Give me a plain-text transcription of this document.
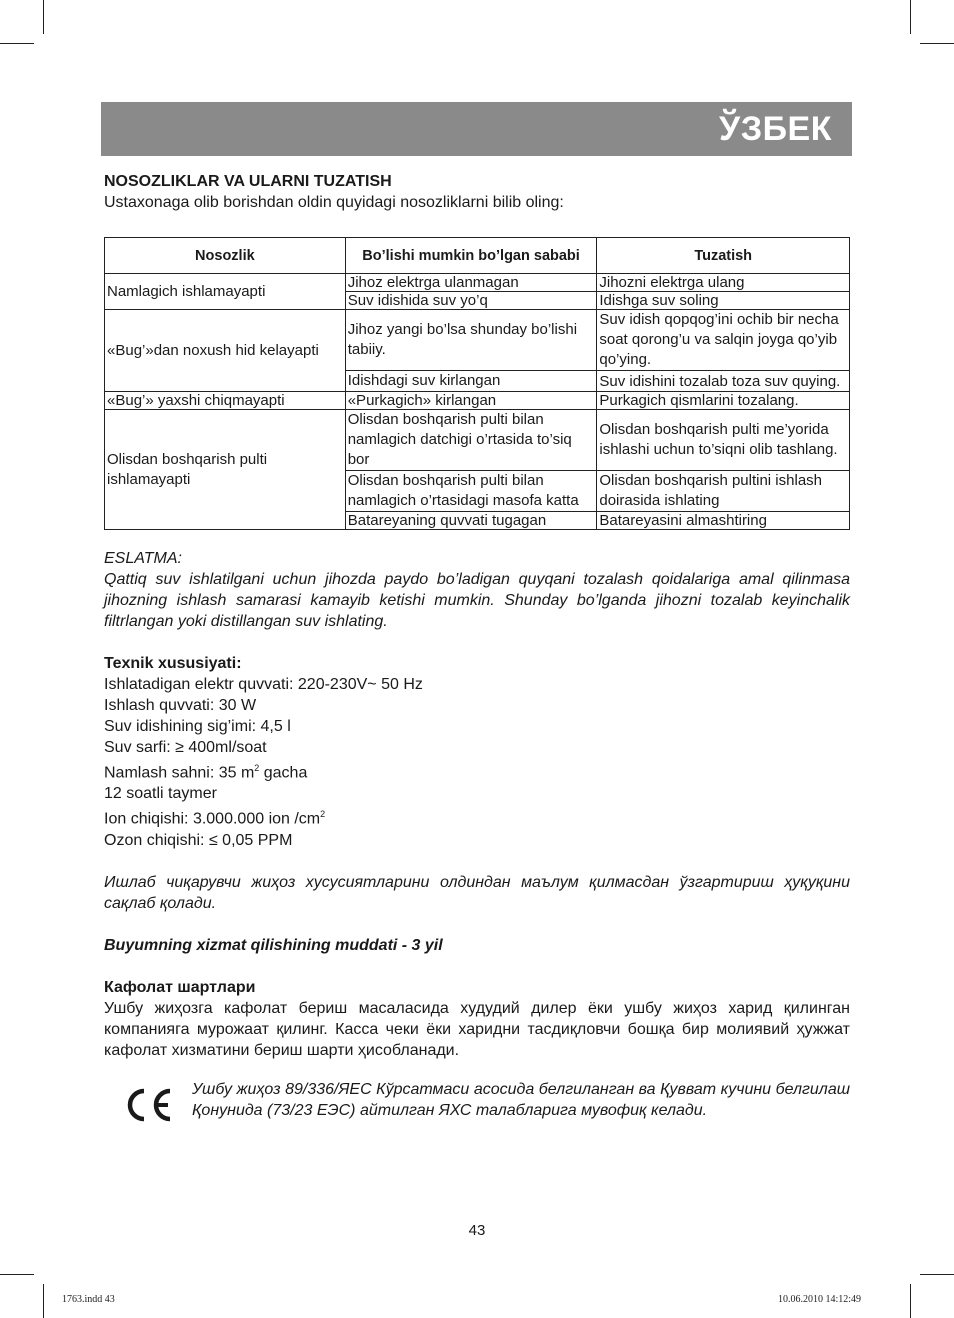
ЎЗБЕК

NOSOZLIKLAR VA ULARNI TUZATISH

Ustaxonaga olib borishdan oldin quyidagi nosozliklarni bilib oling:

Nosozlik	Bo’lishi mumkin bo’lgan sababi	Tuzatish
Namlagich ishlamayapti	Jihoz elektrga ulanmagan	Jihozni elektrga ulang
	Suv idishida suv yo’q	Idishga suv soling
«Bug’»dan noxush hid kelayapti	Jihoz yangi bo’lsa shunday bo’lishi tabiiy.	Suv idish qopqog’ini ochib bir necha soat qorong’u va salqin joyga qo’yib qo’ying.
	Idishdagi suv kirlangan	Suv idishini tozalab toza suv quying.
«Bug’» yaxshi chiqmayapti	«Purkagich» kirlangan	Purkagich qismlarini tozalang.
Olisdan boshqarish pulti ishlamayapti	Olisdan boshqarish pulti bilan namlagich datchigi o’rtasida to’siq bor	Olisdan boshqarish pulti me’yorida ishlashi uchun to’siqni olib tashlang.
	Olisdan boshqarish pulti bilan namlagich o’rtasidagi masofa katta	Olisdan boshqarish pultini ishlash doirasida ishlating
	Batareyaning quvvati tugagan	Batareyasini almashtiring

ESLATMA:

Qattiq suv ishlatilgani uchun jihozda paydo bo’ladigan quyqani tozalash qoidalariga amal qilinmasa jihozning ishlash samarasi kamayib ketishi mumkin. Shunday bo’lganda jihozni tozalab keyinchalik filtrlangan yoki distillangan suv ishlating.

Texnik xususiyati:

Ishlatadigan elektr quvvati: 220-230V~ 50 Hz

Ishlash quvvati: 30 W

Suv idishining sig’imi: 4,5 l

Suv sarfi: ≥ 400ml/soat

Namlash sahni: 35 $m^2$ gacha

12 soatli taymer

Ion chiqishi: 3.000.000 ion $/cm^2$

Ozon chiqishi: ≤ 0,05 PPM

Ишлаб чиқарувчи жиҳоз хусусиятларини олдиндан маълум қилмасдан ўзгартириш ҳуқуқини сақлаб қолади.

Buyumning xizmat qilishining muddati - 3 yil

Кафолат шартлари

Ушбу жиҳозга кафолат бериш масаласида худудий дилер ёки ушбу жиҳоз харид қилинган компанияга мурожаат қилинг. Касса чеки ёки харидни тасдиқловчи бошқа бир молиявий ҳужжат кафолат хизматини бериш шарти ҳисобланади.

Ушбу жиҳоз 89/336/ЯЕС Кўрсатмаси асосида белгиланган ва Қувват кучини белгилаш Қонунида (73/23 ЕЭС) айтилган ЯХС талабларига мувофиқ келади.

43
1763.indd 43	10.06.2010 14:12:49
